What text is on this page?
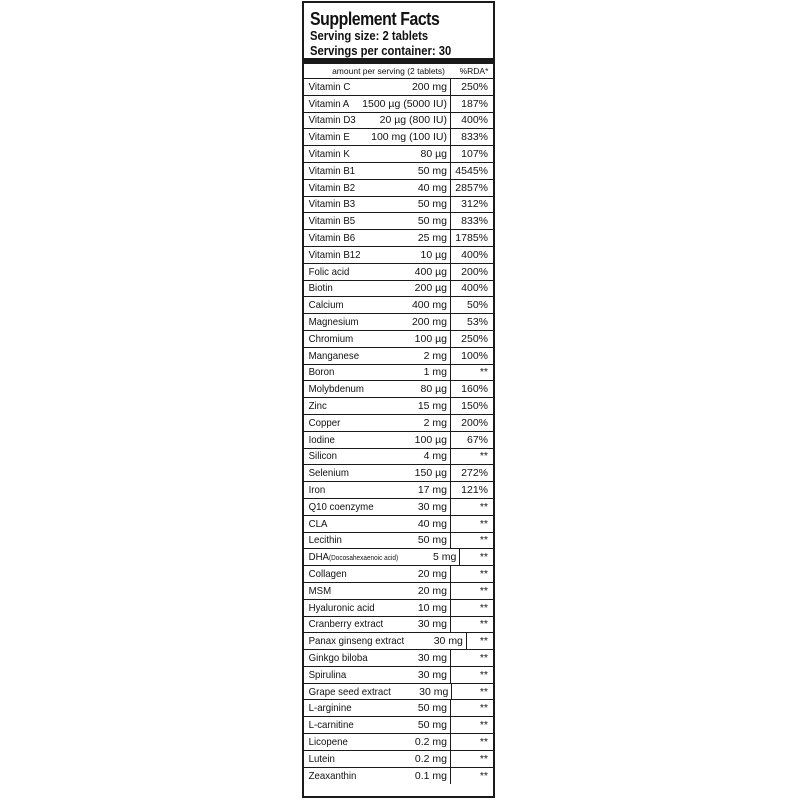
Supplement Facts
Serving size: 2 tablets
Servings per container: 30
amount per serving (2 tablets)	%RDA*
Vitamin C	200 mg	250%
Vitamin A	1500 µg (5000 IU)	187%
Vitamin D3	20 µg (800 IU)	400%
Vitamin E	100 mg (100 IU)	833%
Vitamin K	80 µg	107%
Vitamin B1	50 mg 4545%
Vitamin B2	40 mg 2857%
Vitamin B3	50 mg	312%
Vitamin B5	50 mg	833%
Vitamin B6	25 mg 1785%
Vitamin B12	10 µg	400%
Folic acid	400 µg	200%
Biotin	200 µg	400%
Calcium	400 mg	50%
Magnesium	200 mg	53%
Chromium	100 µg	250%
Manganese	2 mg	100%
Boron	1 mg	**
Molybdenum	80 µg	160%
Zinc	15 mg	150%
Copper	2 mg	200%
Iodine	100 µg	67%
Silicon	4 mg	**
Selenium	150 µg	272%
Iron	17 mg	121%
Q10 coenzyme	30 mg	**
CLA	40 mg	**
Lecithin	50 mg	**
DHA(Docosahexaenoic acid)	5 mg	**
Collagen	20 mg	**
MSM	20 mg	**
Hyaluronic acid	10 mg	**
Cranberry extract	30 mg	**
Panax ginseng extract	30 mg	**
Ginkgo biloba	30 mg	**
Spirulina	30 mg	**
Grape seed extract	30 mg	**
L-arginine	50 mg	**
L-carnitine	50 mg	**
Licopene	0.2 mg	**
Lutein	0.2 mg	**
Zeaxanthin	0.1 mg	**
